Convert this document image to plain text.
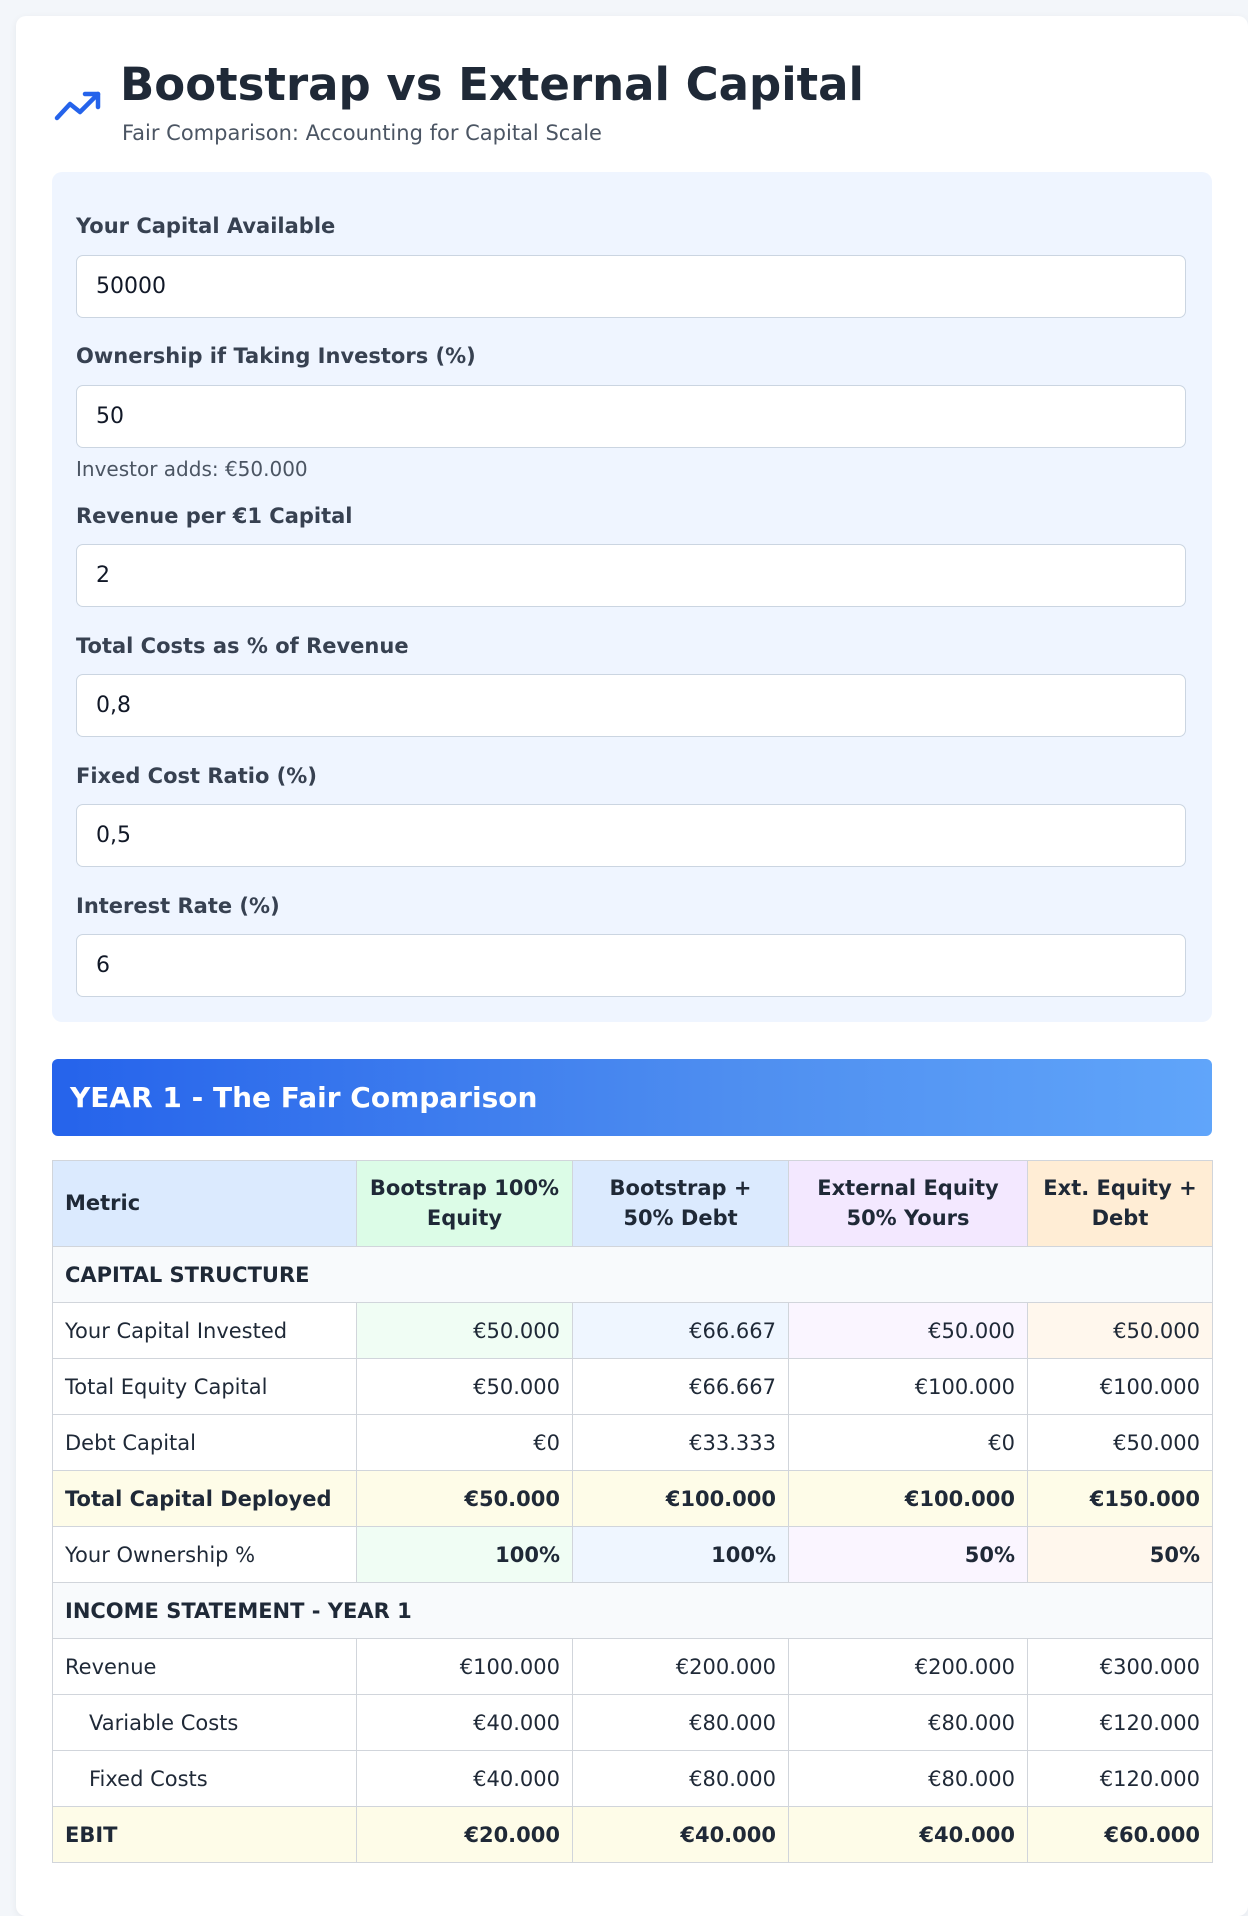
Bootstrap vs External Capital

Fair Comparison: Accounting for Capital Scale

Your Capital Available
50000
Ownership if Taking Investors (%)
50
Investor adds: €50.000
Revenue per €1 Capital
2
Total Costs as % of Revenue
0,8
Fixed Cost Ratio (%)
0,5
Interest Rate (%)
6
YEAR 1 - The Fair Comparison
Metric	Bootstrap 100% Equity	Bootstrap + 50% Debt	External Equity 50% Yours	Ext. Equity + Debt
CAPITAL STRUCTURE				
Your Capital Invested	€50.000	€66.667	€50.000	€50.000
Total Equity Capital	€50.000	€66.667	€100.000	€100.000
Debt Capital	€0	€33.333	€0	€50.000
Total Capital Deployed	€50.000	€100.000	€100.000	€150.000
Your Ownership %	100%	100%	50%	50%
INCOME STATEMENT - YEAR 1				
Revenue	€100.000	€200.000	€200.000	€300.000
Variable Costs	€40.000	€80.000	€80.000	€120.000
Fixed Costs	€40.000	€80.000	€80.000	€120.000
EBIT	€20.000	€40.000	€40.000	€60.000
